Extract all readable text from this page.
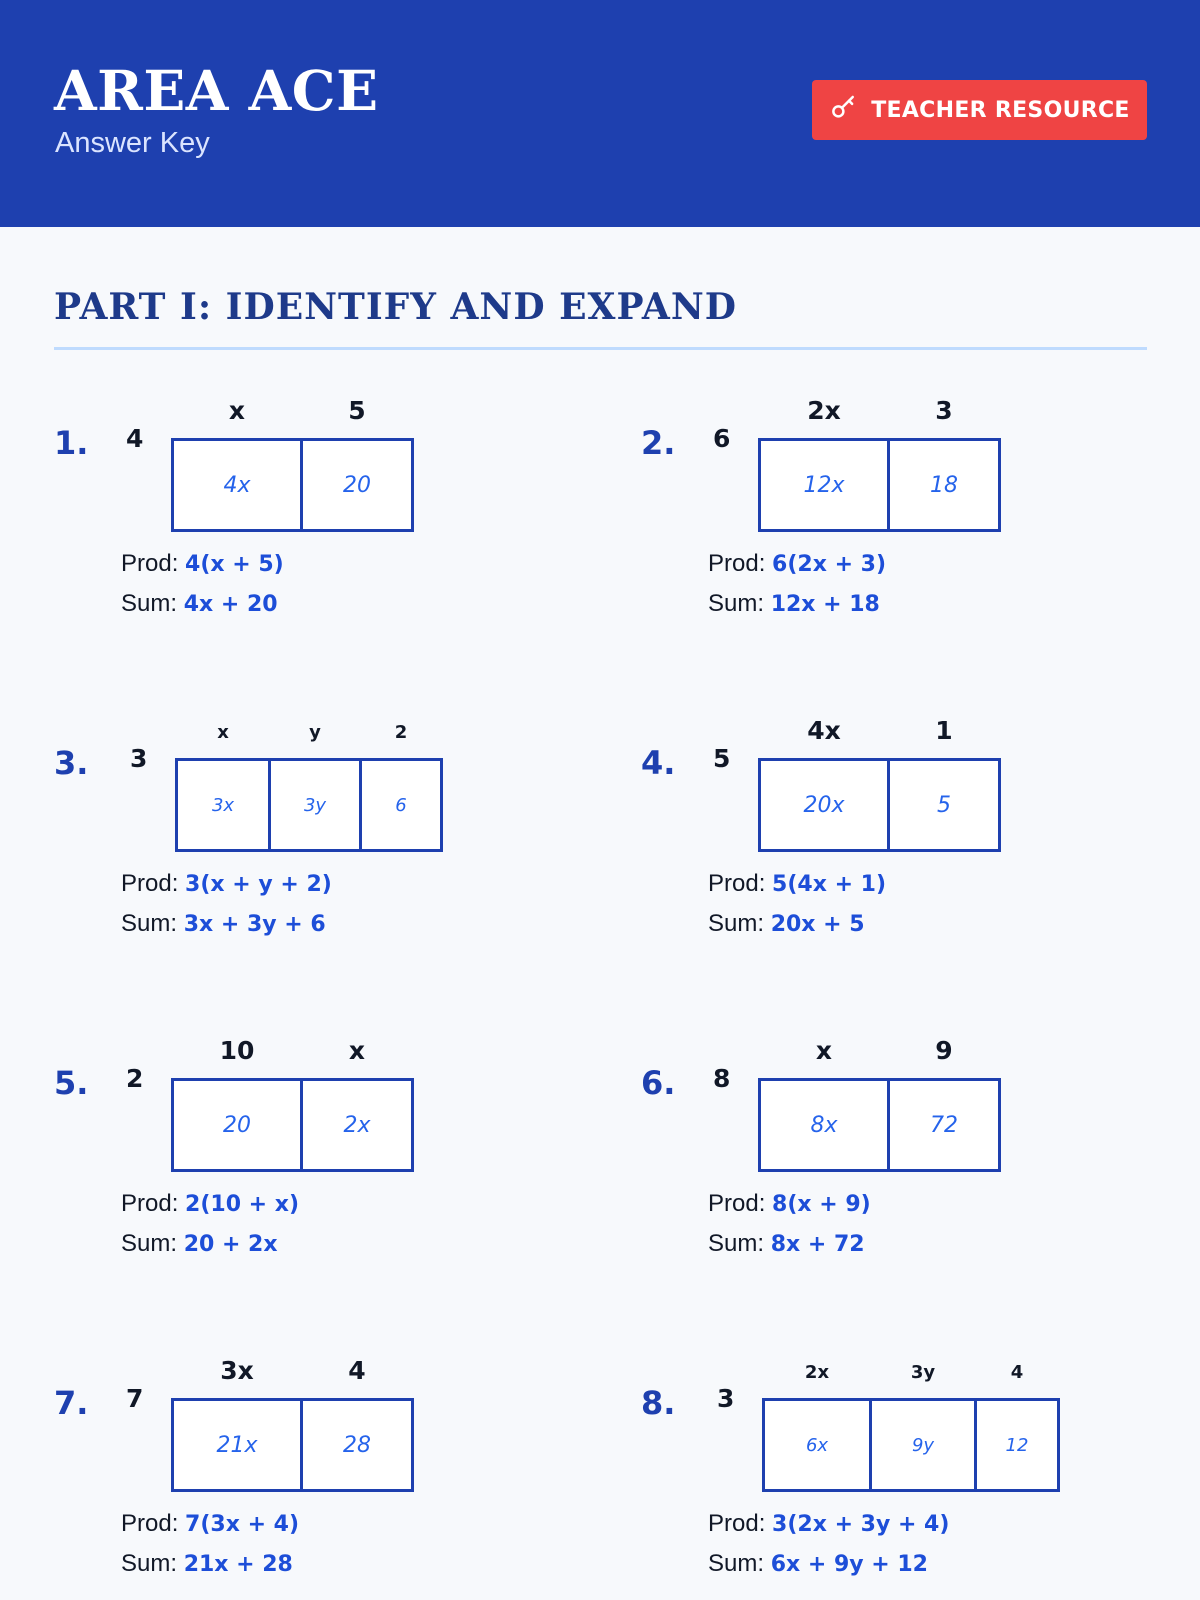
AREA ACE
Answer Key
TEACHER RESOURCE
PART I: IDENTIFY AND EXPAND
1. 4
x	5
4x	20
Prod: 4(x + 5)
Sum: 4x + 20
2. 6
2x	3
12x	18
Prod: 6(2x + 3)
Sum: 12x + 18
3. 3
x	y	2
3x	3y	6
Prod: 3(x + y + 2)
Sum: 3x + 3y + 6
4. 5
4x	1
20x	5
Prod: 5(4x + 1)
Sum: 20x + 5
5. 2
10	x
20	2x
Prod: 2(10 + x)
Sum: 20 + 2x
6. 8
x	9
8x	72
Prod: 8(x + 9)
Sum: 8x + 72
7. 7
3x	4
21x	28
Prod: 7(3x + 4)
Sum: 21x + 28
8. 3
2x	3y	4
6x	9y	12
Prod: 3(2x + 3y + 4)
Sum: 6x + 9y + 12
